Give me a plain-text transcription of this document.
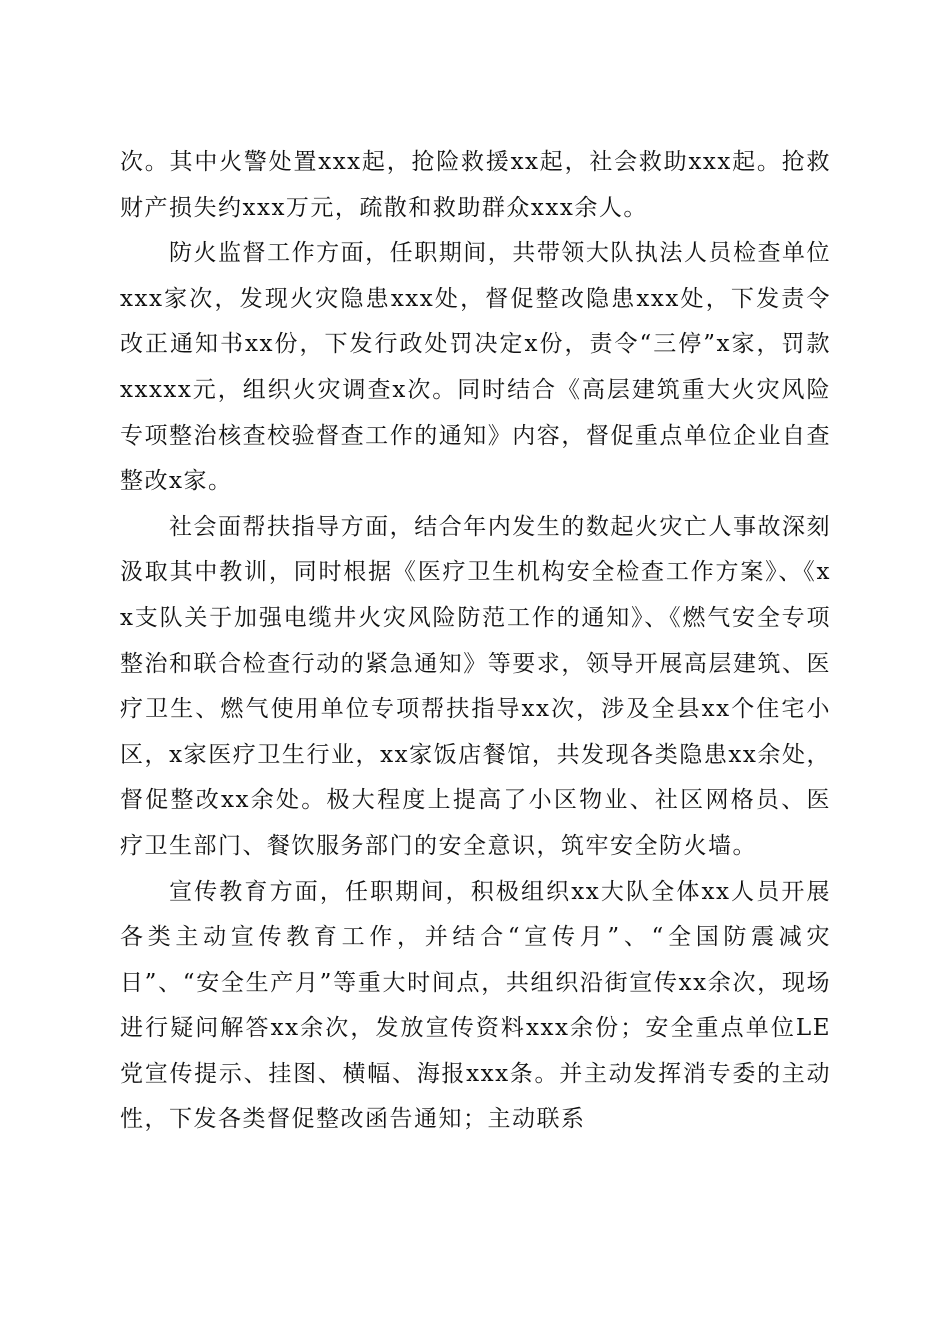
次。其中火警处置xxx起，抢险救援xx起，社会救助xxx起。抢救财产损失约xxx万元，疏散和救助群众xxx余人。

防火监督工作方面，任职期间，共带领大队执法人员检查单位xxx家次，发现火灾隐患xxx处，督促整改隐患xxx处，下发责令改正通知书xx份，下发行政处罚决定x份，责令“三停”x家，罚款xxxxx元，组织火灾调查x次。同时结合《高层建筑重大火灾风险专项整治核查校验督查工作的通知》内容，督促重点单位企业自查整改x家。

社会面帮扶指导方面，结合年内发生的数起火灾亡人事故深刻汲取其中教训，同时根据《医疗卫生机构安全检查工作方案》、《xx支队关于加强电缆井火灾风险防范工作的通知》、《燃气安全专项整治和联合检查行动的紧急通知》等要求，领导开展高层建筑、医疗卫生、燃气使用单位专项帮扶指导xx次，涉及全县xx个住宅小区，x家医疗卫生行业，xx家饭店餐馆，共发现各类隐患xx余处，督促整改xx余处。极大程度上提高了小区物业、社区网格员、医疗卫生部门、餐饮服务部门的安全意识，筑牢安全防火墙。

宣传教育方面，任职期间，积极组织xx大队全体xx人员开展各类主动宣传教育工作，并结合“宣传月”、“全国防震减灾日”、“安全生产月”等重大时间点，共组织沿街宣传xx余次，现场进行疑问解答xx余次，发放宣传资料xxx余份；安全重点单位LE党宣传提示、挂图、横幅、海报xxx条。并主动发挥消专委的主动性，下发各类督促整改函告通知；主动联系
